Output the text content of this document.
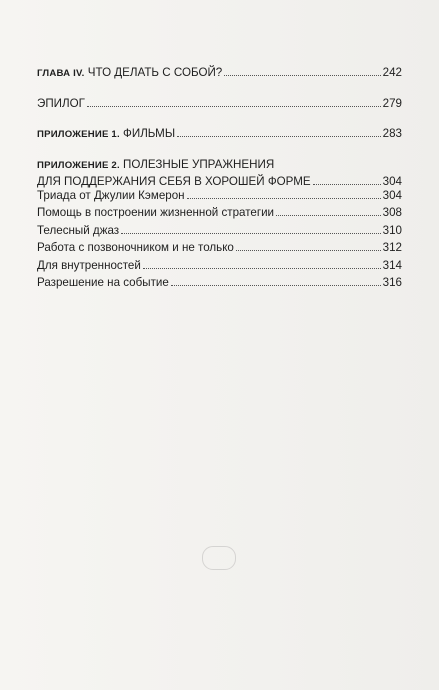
ГЛАВА IV. ЧТО ДЕЛАТЬ С СОБОЙ?	242
ЭПИЛОГ	279
ПРИЛОЖЕНИЕ 1. ФИЛЬМЫ	283
ПРИЛОЖЕНИЕ 2. ПОЛЕЗНЫЕ УПРАЖНЕНИЯ
ДЛЯ ПОДДЕРЖАНИЯ СЕБЯ В ХОРОШЕЙ ФОРМЕ	304
Триада от Джулии Кэмерон	304
Помощь в построении жизненной стратегии	308
Телесный джаз	310
Работа с позвоночником и не только	312
Для внутренностей	314
Разрешение на событие	316
